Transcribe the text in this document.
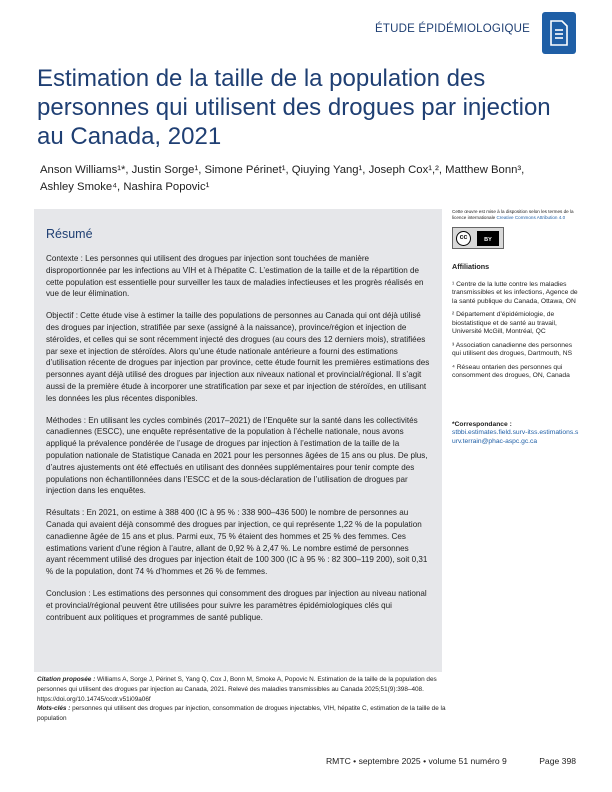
ÉTUDE ÉPIDÉMIOLOGIQUE
Estimation de la taille de la population des personnes qui utilisent des drogues par injection au Canada, 2021
Anson Williams¹*, Justin Sorge¹, Simone Périnet¹, Qiuying Yang¹, Joseph Cox¹,², Matthew Bonn³,
Ashley Smoke⁴, Nashira Popovic¹
Résumé

Contexte : Les personnes qui utilisent des drogues par injection sont touchées de manière disproportionnée par les infections au VIH et à l’hépatite C. L’estimation de la taille et de la répartition de cette population est essentielle pour surveiller les taux de maladies infectieuses et les progrès réalisés en vue de leur élimination.

Objectif : Cette étude vise à estimer la taille des populations de personnes au Canada qui ont déjà utilisé des drogues par injection, stratifiée par sexe (assigné à la naissance), province/région et injection de stéroïdes, et celles qui se sont récemment injecté des drogues (au cours des 12 derniers mois), stratifiées par sexe et injection de stéroïdes. Alors qu’une étude nationale antérieure a fourni des estimations d’utilisation récente de drogues par injection par province, cette étude fournit les premières estimations des personnes ayant déjà utilisé des drogues par injection aux niveaux national et provincial/régional. Il s’agit aussi de la première étude à incorporer une stratification par sexe et par injection de stéroïdes, en utilisant les données les plus récentes disponibles.

Méthodes : En utilisant les cycles combinés (2017–2021) de l’Enquête sur la santé dans les collectivités canadiennes (ESCC), une enquête représentative de la population à l’échelle nationale, nous avons appliqué la prévalence pondérée de l’usage de drogues par injection à l’estimation de la taille de la population nationale de Statistique Canada en 2021 pour les personnes âgées de 15 ans ou plus. De plus, d’autres ajustements ont été effectués en utilisant des données supplémentaires pour tenir compte des populations non échantillonnées dans l’ESCC et de la sous-déclaration de l’utilisation de drogues par injection dans les enquêtes.

Résultats : En 2021, on estime à 388 400 (IC à 95 % : 338 900–436 500) le nombre de personnes au Canada qui avaient déjà consommé des drogues par injection, ce qui représente 1,22 % de la population canadienne âgée de 15 ans et plus. Parmi eux, 75 % étaient des hommes et 25 % des femmes. Ces estimations varient d’une région à l’autre, allant de 0,92 % à 2,47 %. Le nombre estimé de personnes ayant récemment utilisé des drogues par injection était de 100 300 (IC à 95 % : 82 300–119 200), soit 0,31 % de la population, dont 74 % d’hommes et 26 % de femmes.

Conclusion : Les estimations des personnes qui consomment des drogues par injection au niveau national et provincial/régional peuvent être utilisées pour suivre les paramètres épidémiologiques clés qui contribuent aux politiques et programmes de santé publique.

Cette œuvre est mise à la disposition selon les termes de la licence internationale Creative Commons Attribution 4.0
cc	BY
Affiliations

¹ Centre de la lutte contre les maladies transmissibles et les infections, Agence de la santé publique du Canada, Ottawa, ON

² Département d’épidémiologie, de biostatistique et de santé au travail, Université McGill, Montréal, QC

³ Association canadienne des personnes qui utilisent des drogues, Dartmouth, NS

⁴ Réseau ontarien des personnes qui consomment des drogues, ON, Canada

*Correspondance :
stbbi.estimates.field.surv-itss.estimations.surv.terrain@phac-aspc.gc.ca

Citation proposée : Williams A, Sorge J, Périnet S, Yang Q, Cox J, Bonn M, Smoke A, Popovic N. Estimation de la taille de la population des personnes qui utilisent des drogues par injection au Canada, 2021. Relevé des maladies transmissibles au Canada 2025;51(9):398–408. https://doi.org/10.14745/ccdr.v51i09a06f

Mots-clés : personnes qui utilisent des drogues par injection, consommation de drogues injectables, VIH, hépatite C, estimation de la taille de la population

RMTC • septembre 2025 • volume 51 numéro 9	Page 398
